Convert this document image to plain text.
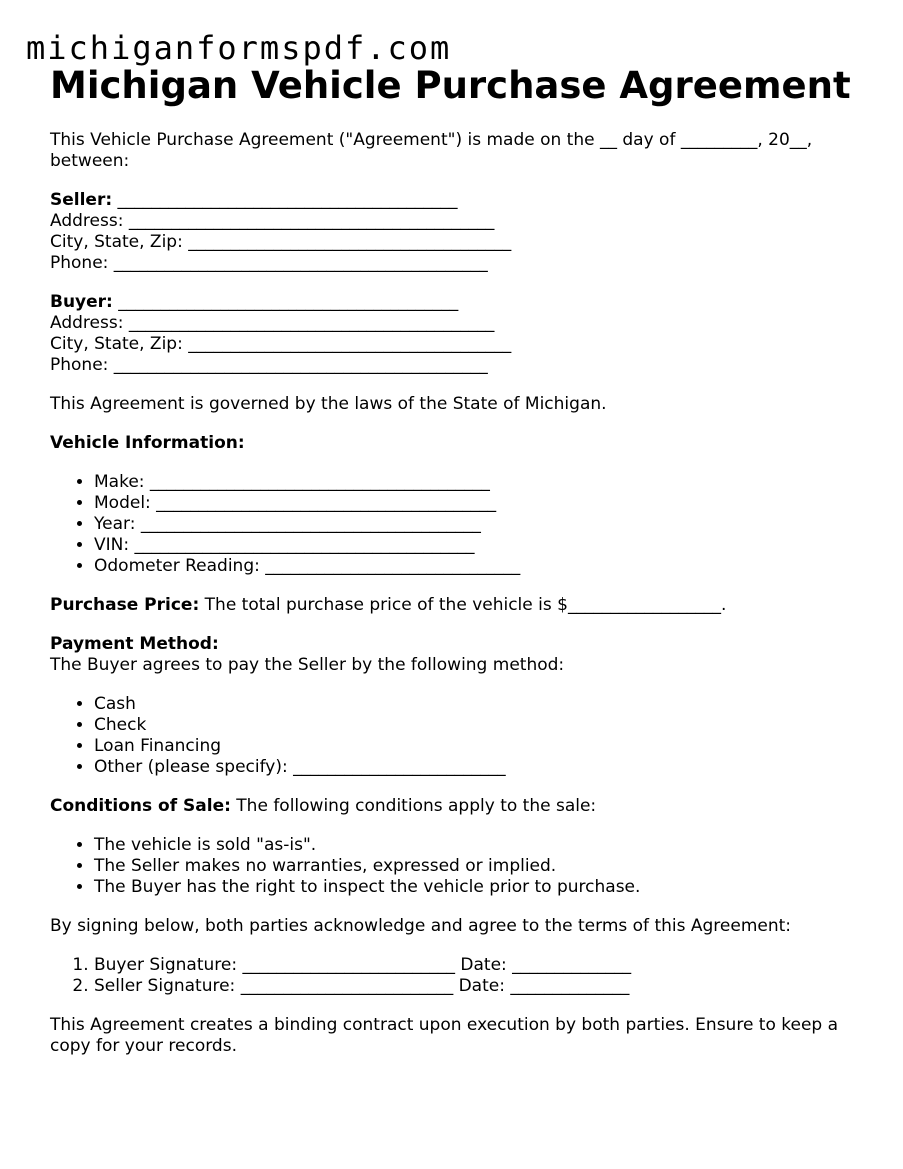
michiganformspdf.com
Michigan Vehicle Purchase Agreement

This Vehicle Purchase Agreement ("Agreement") is made on the __ day of _________, 20__, between:

Seller: ________________________________________
Address: ___________________________________________
City, State, Zip: ______________________________________
Phone: ____________________________________________
Buyer: ________________________________________
Address: ___________________________________________
City, State, Zip: ______________________________________
Phone: ____________________________________________

This Agreement is governed by the laws of the State of Michigan.

Vehicle Information:

• Make: ________________________________________
• Model: ________________________________________
• Year: ________________________________________
• VIN: ________________________________________
• Odometer Reading: ______________________________

Purchase Price: The total purchase price of the vehicle is $__________________.

Payment Method:
The Buyer agrees to pay the Seller by the following method:
• Cash
• Check
• Loan Financing
• Other (please specify): _________________________

Conditions of Sale: The following conditions apply to the sale:

• The vehicle is sold "as-is".
• The Seller makes no warranties, expressed or implied.
• The Buyer has the right to inspect the vehicle prior to purchase.

By signing below, both parties acknowledge and agree to the terms of this Agreement:

1. Buyer Signature: _________________________ Date: ______________
2. Seller Signature: _________________________ Date: ______________

This Agreement creates a binding contract upon execution by both parties. Ensure to keep a copy for your records.
